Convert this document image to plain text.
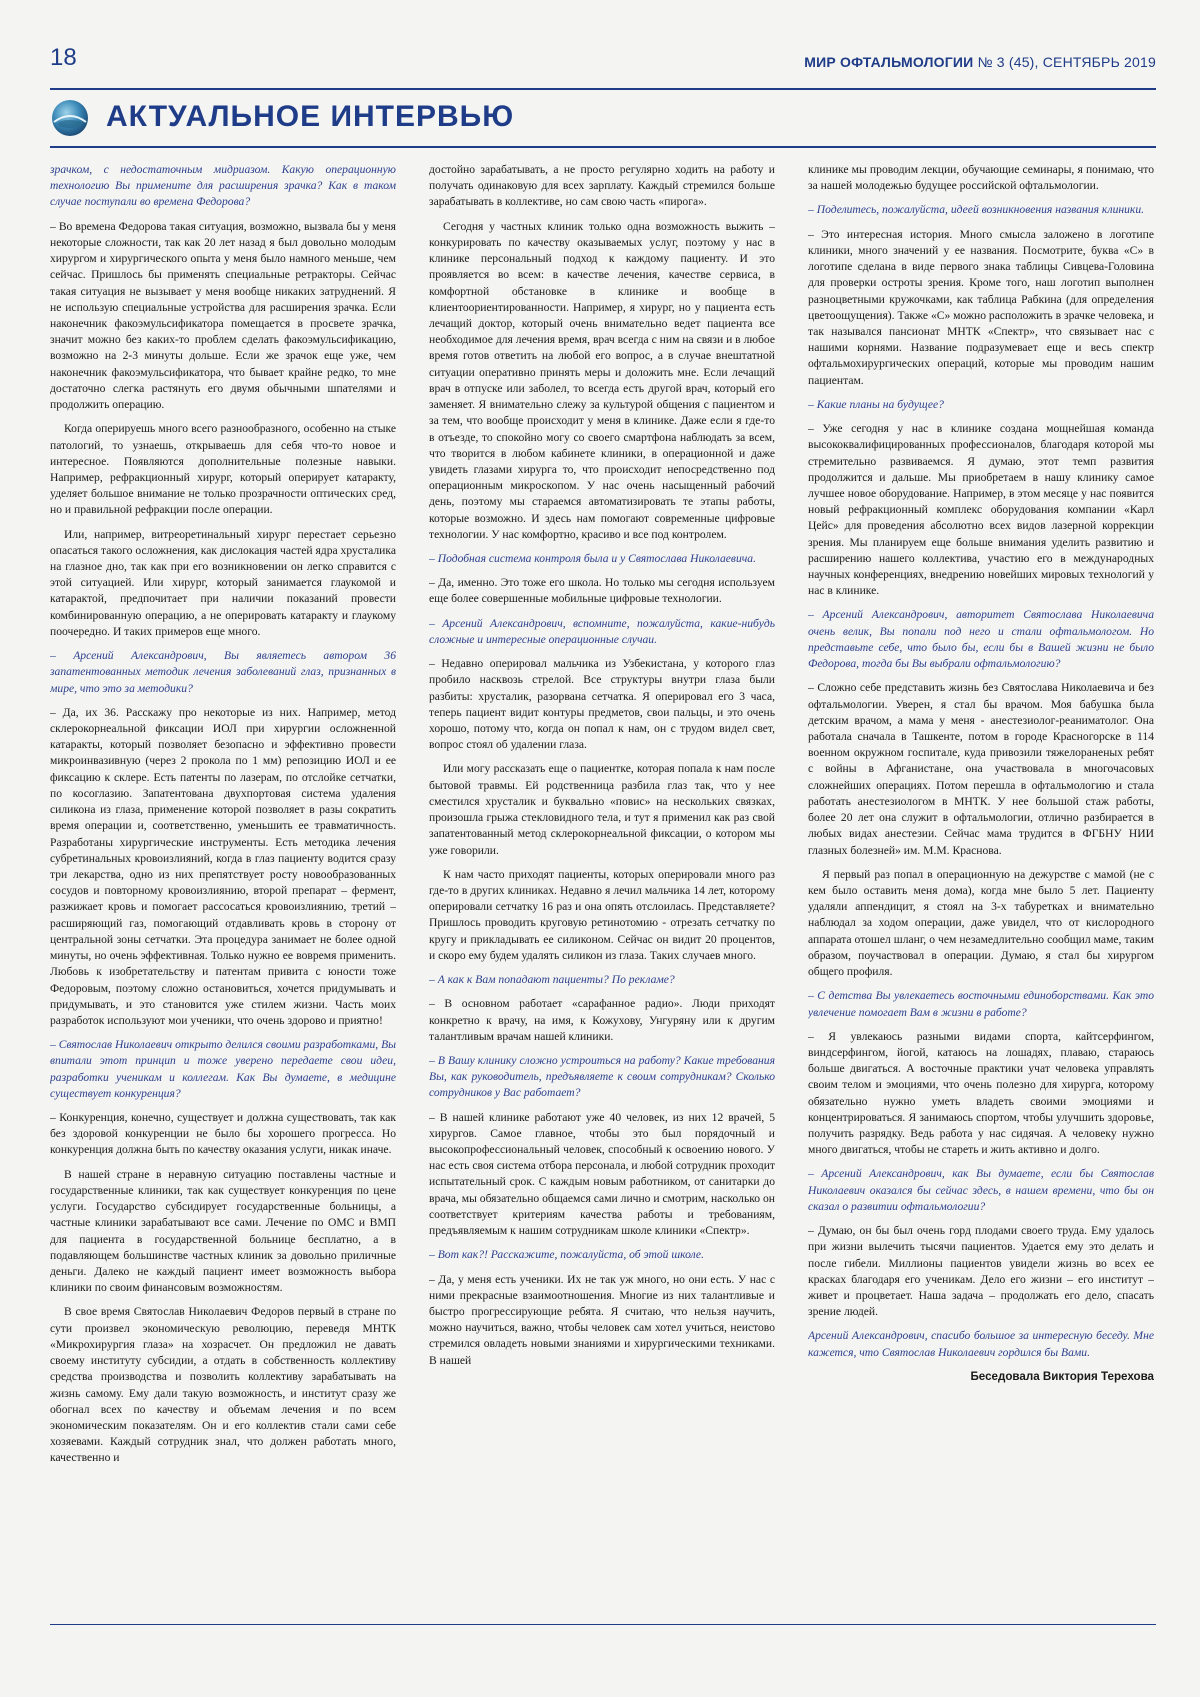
18	МИР ОФТАЛЬМОЛОГИИ № 3 (45), СЕНТЯБРЬ 2019
АКТУАЛЬНОЕ ИНТЕРВЬЮ

зрачком, с недостаточным мидриазом. Какую операционную технологию Вы примените для расширения зрачка? Как в таком случае поступали во времена Федорова?

– Во времена Федорова такая ситуация, возможно, вызвала бы у меня некоторые сложности, так как 20 лет назад я был довольно молодым хирургом и хирургического опыта у меня было намного меньше, чем сейчас. Пришлось бы применять специальные ретракторы. Сейчас такая ситуация не вызывает у меня вообще никаких затруднений. Я не использую специальные устройства для расширения зрачка. Если наконечник факоэмульсификатора помещается в просвете зрачка, значит можно без каких-то проблем сделать факоэмульсификацию, возможно на 2-3 минуты дольше. Если же зрачок еще уже, чем наконечник факоэмульсификатора, что бывает крайне редко, то мне достаточно слегка растянуть его двумя обычными шпателями и продолжить операцию.

Когда оперируешь много всего разнообразного, особенно на стыке патологий, то узнаешь, открываешь для себя что-то новое и интересное. Появляются дополнительные полезные навыки. Например, рефракционный хирург, который оперирует катаракту, уделяет большое внимание не только прозрачности оптических сред, но и правильной рефракции после операции.

Или, например, витреоретинальный хирург перестает серьезно опасаться такого осложнения, как дислокация частей ядра хрусталика на глазное дно, так как при его возникновении он легко справится с этой ситуацией. Или хирург, который занимается глаукомой и катарактой, предпочитает при наличии показаний провести комбинированную операцию, а не оперировать катаракту и глаукому поочередно. И таких примеров еще много.

– Арсений Александрович, Вы являетесь автором 36 запатентованных методик лечения заболеваний глаз, признанных в мире, что это за методики?

– Да, их 36. Расскажу про некоторые из них. Например, метод склерокорнеальной фиксации ИОЛ при хирургии осложненной катаракты, который позволяет безопасно и эффективно провести микроинвазивную (через 2 прокола по 1 мм) репозицию ИОЛ и ее фиксацию к склере. Есть патенты по лазерам, по отслойке сетчатки, по косоглазию. Запатентована двухпортовая система удаления силикона из глаза, применение которой позволяет в разы сократить время операции и, соответственно, уменьшить ее травматичность. Разработаны хирургические инструменты. Есть методика лечения субретинальных кровоизлияний, когда в глаз пациенту водится сразу три лекарства, одно из них препятствует росту новообразованных сосудов и повторному кровоизлиянию, второй препарат – фермент, разжижает кровь и помогает рассосаться кровоизлиянию, третий – расширяющий газ, помогающий отдавливать кровь в сторону от центральной зоны сетчатки. Эта процедура занимает не более одной минуты, но очень эффективная. Только нужно ее вовремя применить. Любовь к изобретательству и патентам привита с юности тоже Федоровым, поэтому сложно остановиться, хочется придумывать и придумывать, и это становится уже стилем жизни. Часть моих разработок используют мои ученики, что очень здорово и приятно!

– Святослав Николаевич открыто делился своими разработками, Вы впитали этот принцип и тоже уверено передаете свои идеи, разработки ученикам и коллегам. Как Вы думаете, в медицине существует конкуренция?

– Конкуренция, конечно, существует и должна существовать, так как без здоровой конкуренции не было бы хорошего прогресса. Но конкуренция должна быть по качеству оказания услуги, никак иначе.

В нашей стране в неравную ситуацию поставлены частные и государственные клиники, так как существует конкуренция по цене услуги. Государство субсидирует государственные больницы, а частные клиники зарабатывают все сами. Лечение по ОМС и ВМП для пациента в государственной больнице бесплатно, а в подавляющем большинстве частных клиник за довольно приличные деньги. Далеко не каждый пациент имеет возможность выбора клиники по своим финансовым возможностям.

В свое время Святослав Николаевич Федоров первый в стране по сути произвел экономическую революцию, переведя МНТК «Микрохирургия глаза» на хозрасчет. Он предложил не давать своему институту субсидии, а отдать в собственность коллективу средства производства и позволить коллективу зарабатывать на жизнь самому. Ему дали такую возможность, и институт сразу же обогнал всех по качеству и объемам лечения и по всем экономическим показателям. Он и его коллектив стали сами себе хозяевами. Каждый сотрудник знал, что должен работать много, качественно и

достойно зарабатывать, а не просто регулярно ходить на работу и получать одинаковую для всех зарплату. Каждый стремился больше зарабатывать в коллективе, но сам свою часть «пирога».

Сегодня у частных клиник только одна возможность выжить – конкурировать по качеству оказываемых услуг, поэтому у нас в клинике персональный подход к каждому пациенту. И это проявляется во всем: в качестве лечения, качестве сервиса, в комфортной обстановке в клинике и вообще в клиентоориентированности. Например, я хирург, но у пациента есть лечащий доктор, который очень внимательно ведет пациента все необходимое для лечения время, врач всегда с ним на связи и в любое время готов ответить на любой его вопрос, а в случае внештатной ситуации оперативно принять меры и доложить мне. Если лечащий врач в отпуске или заболел, то всегда есть другой врач, который его заменяет. Я внимательно слежу за культурой общения с пациентом и за тем, что вообще происходит у меня в клинике. Даже если я где-то в отъезде, то спокойно могу со своего смартфона наблюдать за всем, что творится в любом кабинете клиники, в операционной и даже увидеть глазами хирурга то, что происходит непосредственно под операционным микроскопом. У нас очень насыщенный рабочий день, поэтому мы стараемся автоматизировать те этапы работы, которые возможно. И здесь нам помогают современные цифровые технологии. У нас комфортно, красиво и все под контролем.

– Подобная система контроля была и у Святослава Николаевича.

– Да, именно. Это тоже его школа. Но только мы сегодня используем еще более совершенные мобильные цифровые технологии.

– Арсений Александрович, вспомните, пожалуйста, какие-нибудь сложные и интересные операционные случаи.

– Недавно оперировал мальчика из Узбекистана, у которого глаз пробило насквозь стрелой. Все структуры внутри глаза были разбиты: хрусталик, разорвана сетчатка. Я оперировал его 3 часа, теперь пациент видит контуры предметов, свои пальцы, и это очень хорошо, потому что, когда он попал к нам, он с трудом видел свет, вопрос стоял об удалении глаза.

Или могу рассказать еще о пациентке, которая попала к нам после бытовой травмы. Ей родственница разбила глаз так, что у нее сместился хрусталик и буквально «повис» на нескольких связках, произошла грыжа стекловидного тела, и тут я применил как раз свой запатентованный метод склерокорнеальной фиксации, о котором мы уже говорили.

К нам часто приходят пациенты, которых оперировали много раз где-то в других клиниках. Недавно я лечил мальчика 14 лет, которому оперировали сетчатку 16 раз и она опять отслоилась. Представляете? Пришлось проводить круговую ретинотомию - отрезать сетчатку по кругу и прикладывать ее силиконом. Сейчас он видит 20 процентов, и скоро ему будем удалять силикон из глаза. Таких случаев много.

– А как к Вам попадают пациенты? По рекламе?

– В основном работает «сарафанное радио». Люди приходят конкретно к врачу, на имя, к Кожухову, Унгуряну или к другим талантливым врачам нашей клиники.

– В Вашу клинику сложно устроиться на работу? Какие требования Вы, как руководитель, предъявляете к своим сотрудникам? Сколько сотрудников у Вас работает?

– В нашей клинике работают уже 40 человек, из них 12 врачей, 5 хирургов. Самое главное, чтобы это был порядочный и высокопрофессиональный человек, способный к освоению нового. У нас есть своя система отбора персонала, и любой сотрудник проходит испытательный срок. С каждым новым работником, от санитарки до врача, мы обязательно общаемся сами лично и смотрим, насколько он соответствует критериям качества работы и требованиям, предъявляемым к нашим сотрудникам школе клиники «Спектр».

– Вот как?! Расскажите, пожалуйста, об этой школе.

– Да, у меня есть ученики. Их не так уж много, но они есть. У нас с ними прекрасные взаимоотношения. Многие из них талантливые и быстро прогрессирующие ребята. Я считаю, что нельзя научить, можно научиться, важно, чтобы человек сам хотел учиться, неистово стремился овладеть новыми знаниями и хирургическими техниками. В нашей

клинике мы проводим лекции, обучающие семинары, я понимаю, что за нашей молодежью будущее российской офтальмологии.

– Поделитесь, пожалуйста, идеей возникновения названия клиники.

– Это интересная история. Много смысла заложено в логотипе клиники, много значений у ее названия. Посмотрите, буква «С» в логотипе сделана в виде первого знака таблицы Сивцева-Головина для проверки остроты зрения. Кроме того, наш логотип выполнен разноцветными кружочками, как таблица Рабкина (для определения цветоощущения). Также «С» можно расположить в зрачке человека, и так назывался пансионат МНТК «Спектр», что связывает нас с нашими корнями. Название подразумевает еще и весь спектр офтальмохирургических операций, которые мы проводим нашим пациентам.

– Какие планы на будущее?

– Уже сегодня у нас в клинике создана мощнейшая команда высококвалифицированных профессионалов, благодаря которой мы стремительно развиваемся. Я думаю, этот темп развития продолжится и дальше. Мы приобретаем в нашу клинику самое лучшее новое оборудование. Например, в этом месяце у нас появится новый рефракционный комплекс оборудования компании «Карл Цейс» для проведения абсолютно всех видов лазерной коррекции зрения. Мы планируем еще больше внимания уделить развитию и расширению нашего коллектива, участию его в международных научных конференциях, внедрению новейших мировых технологий у нас в клинике.

– Арсений Александрович, авторитет Святослава Николаевича очень велик, Вы попали под него и стали офтальмологом. Но представьте себе, что было бы, если бы в Вашей жизни не было Федорова, тогда бы Вы выбрали офтальмологию?

– Сложно себе представить жизнь без Святослава Николаевича и без офтальмологии. Уверен, я стал бы врачом. Моя бабушка была детским врачом, а мама у меня - анестезиолог-реаниматолог. Она работала сначала в Ташкенте, потом в городе Красногорске в 114 военном окружном госпитале, куда привозили тяжелораненых ребят с войны в Афганистане, она участвовала в многочасовых сложнейших операциях. Потом перешла в офтальмологию и стала работать анестезиологом в МНТК. У нее большой стаж работы, более 20 лет она служит в офтальмологии, отлично разбирается в любых видах анестезии. Сейчас мама трудится в ФГБНУ НИИ глазных болезней» им. М.М. Краснова.

Я первый раз попал в операционную на дежурстве с мамой (не с кем было оставить меня дома), когда мне было 5 лет. Пациенту удаляли аппендицит, я стоял на 3-х табуретках и внимательно наблюдал за ходом операции, даже увидел, что от кислородного аппарата отошел шланг, о чем незамедлительно сообщил маме, таким образом, поучаствовал в операции. Думаю, я стал бы хирургом общего профиля.

– С детства Вы увлекаетесь восточными единоборствами. Как это увлечение помогает Вам в жизни в работе?

– Я увлекаюсь разными видами спорта, кайтсерфингом, виндсерфингом, йогой, катаюсь на лошадях, плаваю, стараюсь больше двигаться. А восточные практики учат человека управлять своим телом и эмоциями, что очень полезно для хирурга, которому обязательно нужно уметь владеть своими эмоциями и концентрироваться. Я занимаюсь спортом, чтобы улучшить здоровье, получить разрядку. Ведь работа у нас сидячая. А человеку нужно много двигаться, чтобы не стареть и жить активно и долго.

– Арсений Александрович, как Вы думаете, если бы Святослав Николаевич оказался бы сейчас здесь, в нашем времени, что бы он сказал о развитии офтальмологии?

– Думаю, он бы был очень горд плодами своего труда. Ему удалось при жизни вылечить тысячи пациентов. Удается ему это делать и после гибели. Миллионы пациентов увидели жизнь во всех ее красках благодаря его ученикам. Дело его жизни – его институт – живет и процветает. Наша задача – продолжать его дело, спасать зрение людей.

Арсений Александрович, спасибо большое за интересную беседу. Мне кажется, что Святослав Николаевич гордился бы Вами.

Беседовала Виктория Терехова
